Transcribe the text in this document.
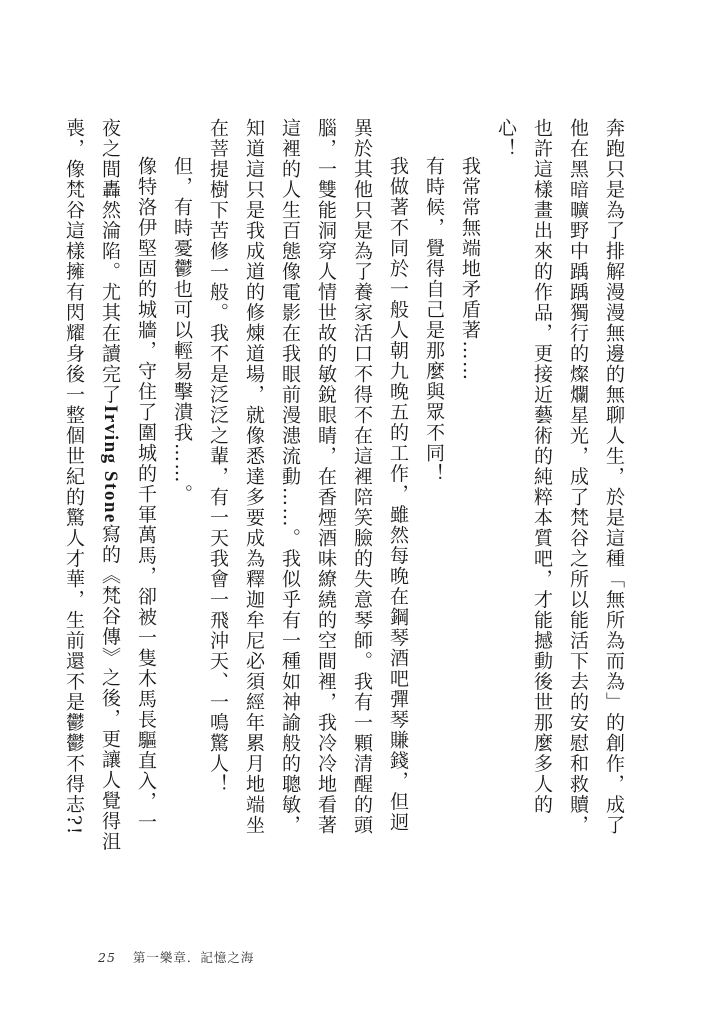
奔跑只是為了排解漫漫無邊的無聊人生，於是這種「無所為而為」的創作，成了

他在黑暗曠野中踽踽獨行的燦爛星光，成了梵谷之所以能活下去的安慰和救贖，

也許這樣畫出來的作品，更接近藝術的純粹本質吧，才能撼動後世那麼多人的

心！

我常常無端地矛盾著……

有時候，覺得自己是那麼與眾不同！

我做著不同於一般人朝九晚五的工作，雖然每晚在鋼琴酒吧彈琴賺錢，但迥

異於其他只是為了養家活口不得不在這裡陪笑臉的失意琴師。我有一顆清醒的頭

腦，一雙能洞穿人情世故的敏銳眼睛，在香煙酒味繚繞的空間裡，我冷冷地看著

這裡的人生百態像電影在我眼前漫漶流動……。我似乎有一種如神諭般的聰敏，

知道這只是我成道的修煉道場，就像悉達多要成為釋迦牟尼必須經年累月地端坐

在菩提樹下苦修一般。我不是泛泛之輩，有一天我會一飛沖天、一鳴驚人！

但，有時憂鬱也可以輕易擊潰我……。

像特洛伊堅固的城牆，守住了圍城的千軍萬馬，卻被一隻木馬長驅直入，一

夜之間轟然淪陷。尤其在讀完了Irving Stone寫的《梵谷傳》之後，更讓人覺得沮

喪，像梵谷這樣擁有閃耀身後一整個世紀的驚人才華，生前還不是鬱鬱不得志?!

25 第一樂章．記憶之海
